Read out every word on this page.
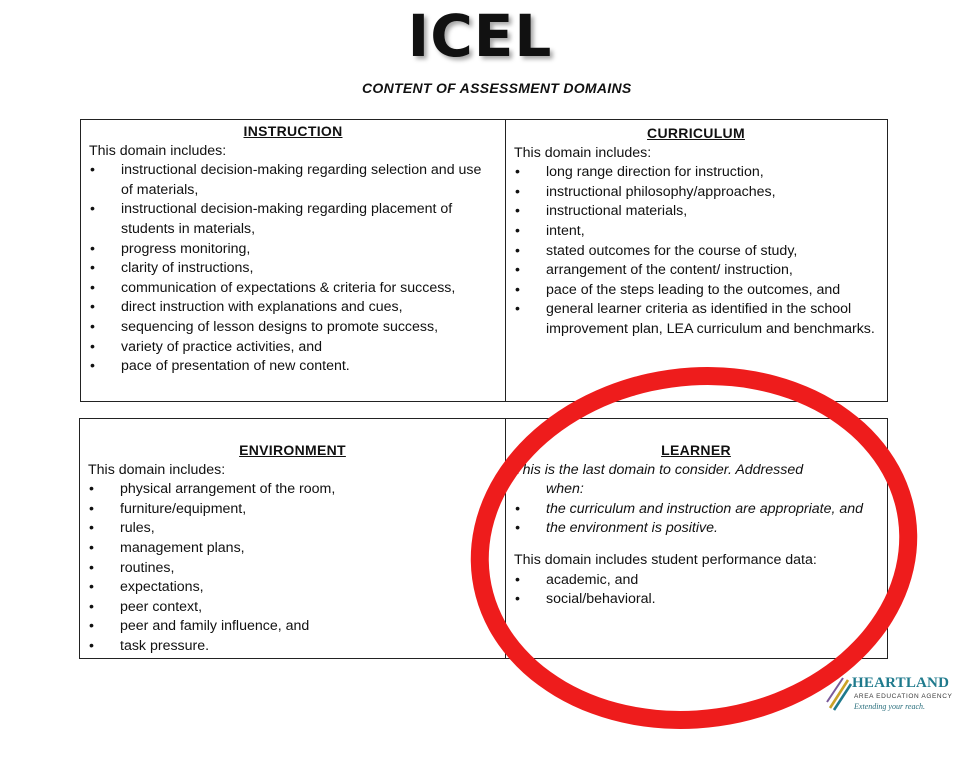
ICEL
CONTENT OF ASSESSMENT DOMAINS
INSTRUCTION

This domain includes:

• instructional decision-making regarding selection and use of materials,
• instructional decision-making regarding placement of students in materials,
• progress monitoring,
• clarity of instructions,
• communication of expectations & criteria for success,
• direct instruction with explanations and cues,
• sequencing of lesson designs to promote success,
• variety of practice activities, and
• pace of presentation of new content.
CURRICULUM

This domain includes:

• long range direction for instruction,
• instructional philosophy/approaches,
• instructional materials,
• intent,
• stated outcomes for the course of study,
• arrangement of the content/ instruction,
• pace of the steps leading to the outcomes, and
• general learner criteria as identified in the school improvement plan, LEA curriculum and benchmarks.
ENVIRONMENT

This domain includes:

• physical arrangement of the room,
• furniture/equipment,
• rules,
• management plans,
• routines,
• expectations,
• peer context,
• peer and family influence, and
• task pressure.
LEARNER
This is the last domain to consider. Addressed
when:
• the curriculum and instruction are appropriate, and
• the environment is positive.

This domain includes student performance data:

• academic, and
• social/behavioral.
HEARTLAND
AREA EDUCATION AGENCY
Extending your reach.
